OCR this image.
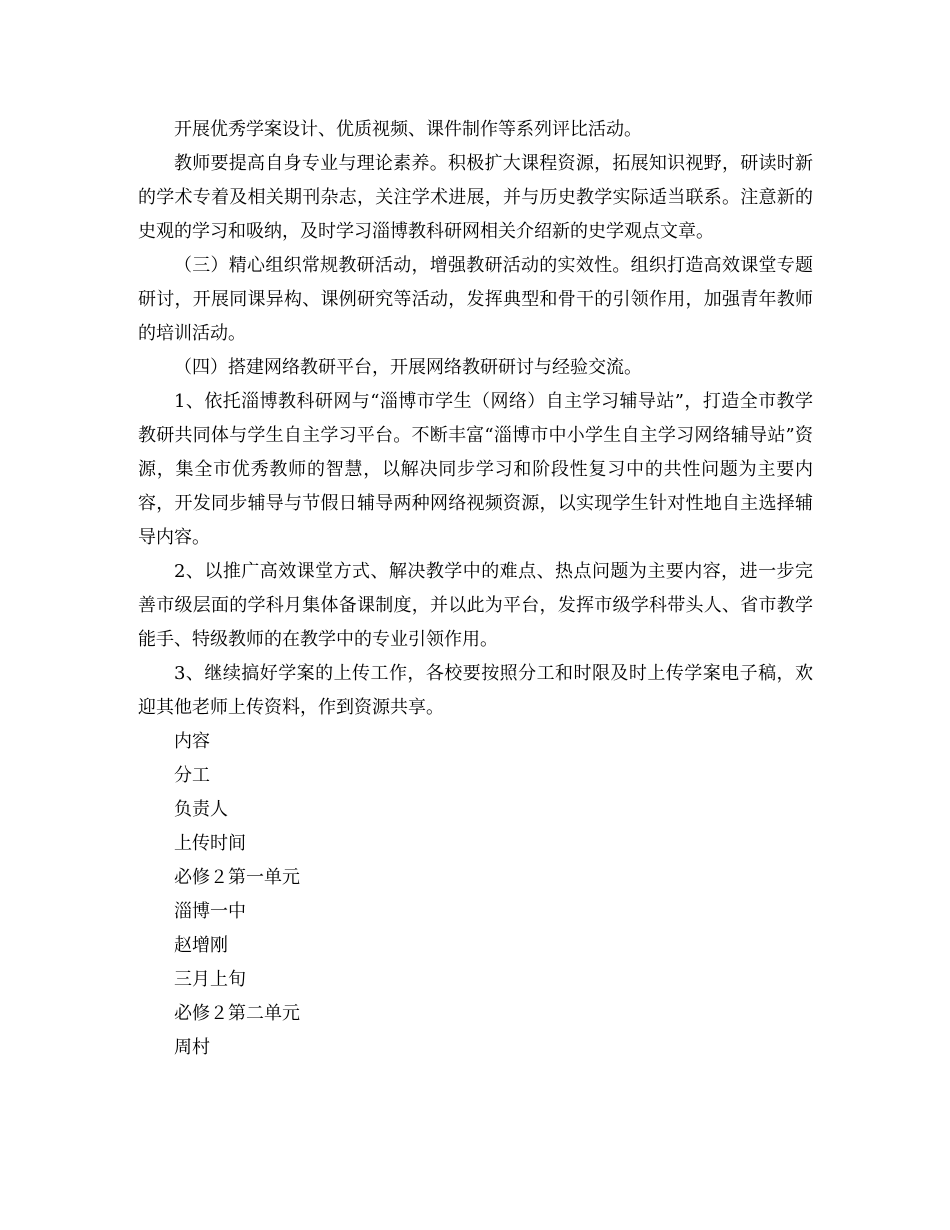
开展优秀学案设计、优质视频、课件制作等系列评比活动。

教师要提高自身专业与理论素养。积极扩大课程资源，拓展知识视野，研读时新的学术专着及相关期刊杂志，关注学术进展，并与历史教学实际适当联系。注意新的史观的学习和吸纳，及时学习淄博教科研网相关介绍新的史学观点文章。

（三）精心组织常规教研活动，增强教研活动的实效性。组织打造高效课堂专题研讨，开展同课异构、课例研究等活动，发挥典型和骨干的引领作用，加强青年教师的培训活动。

（四）搭建网络教研平台，开展网络教研研讨与经验交流。

1、依托淄博教科研网与“淄博市学生（网络）自主学习辅导站”，打造全市教学教研共同体与学生自主学习平台。不断丰富“淄博市中小学生自主学习网络辅导站”资源，集全市优秀教师的智慧，以解决同步学习和阶段性复习中的共性问题为主要内容，开发同步辅导与节假日辅导两种网络视频资源，以实现学生针对性地自主选择辅导内容。

2、以推广高效课堂方式、解决教学中的难点、热点问题为主要内容，进一步完善市级层面的学科月集体备课制度，并以此为平台，发挥市级学科带头人、省市教学能手、特级教师的在教学中的专业引领作用。

3、继续搞好学案的上传工作，各校要按照分工和时限及时上传学案电子稿，欢迎其他老师上传资料，作到资源共享。

内容

分工

负责人

上传时间

必修２第一单元

淄博一中

赵增刚

三月上旬

必修２第二单元

周村
